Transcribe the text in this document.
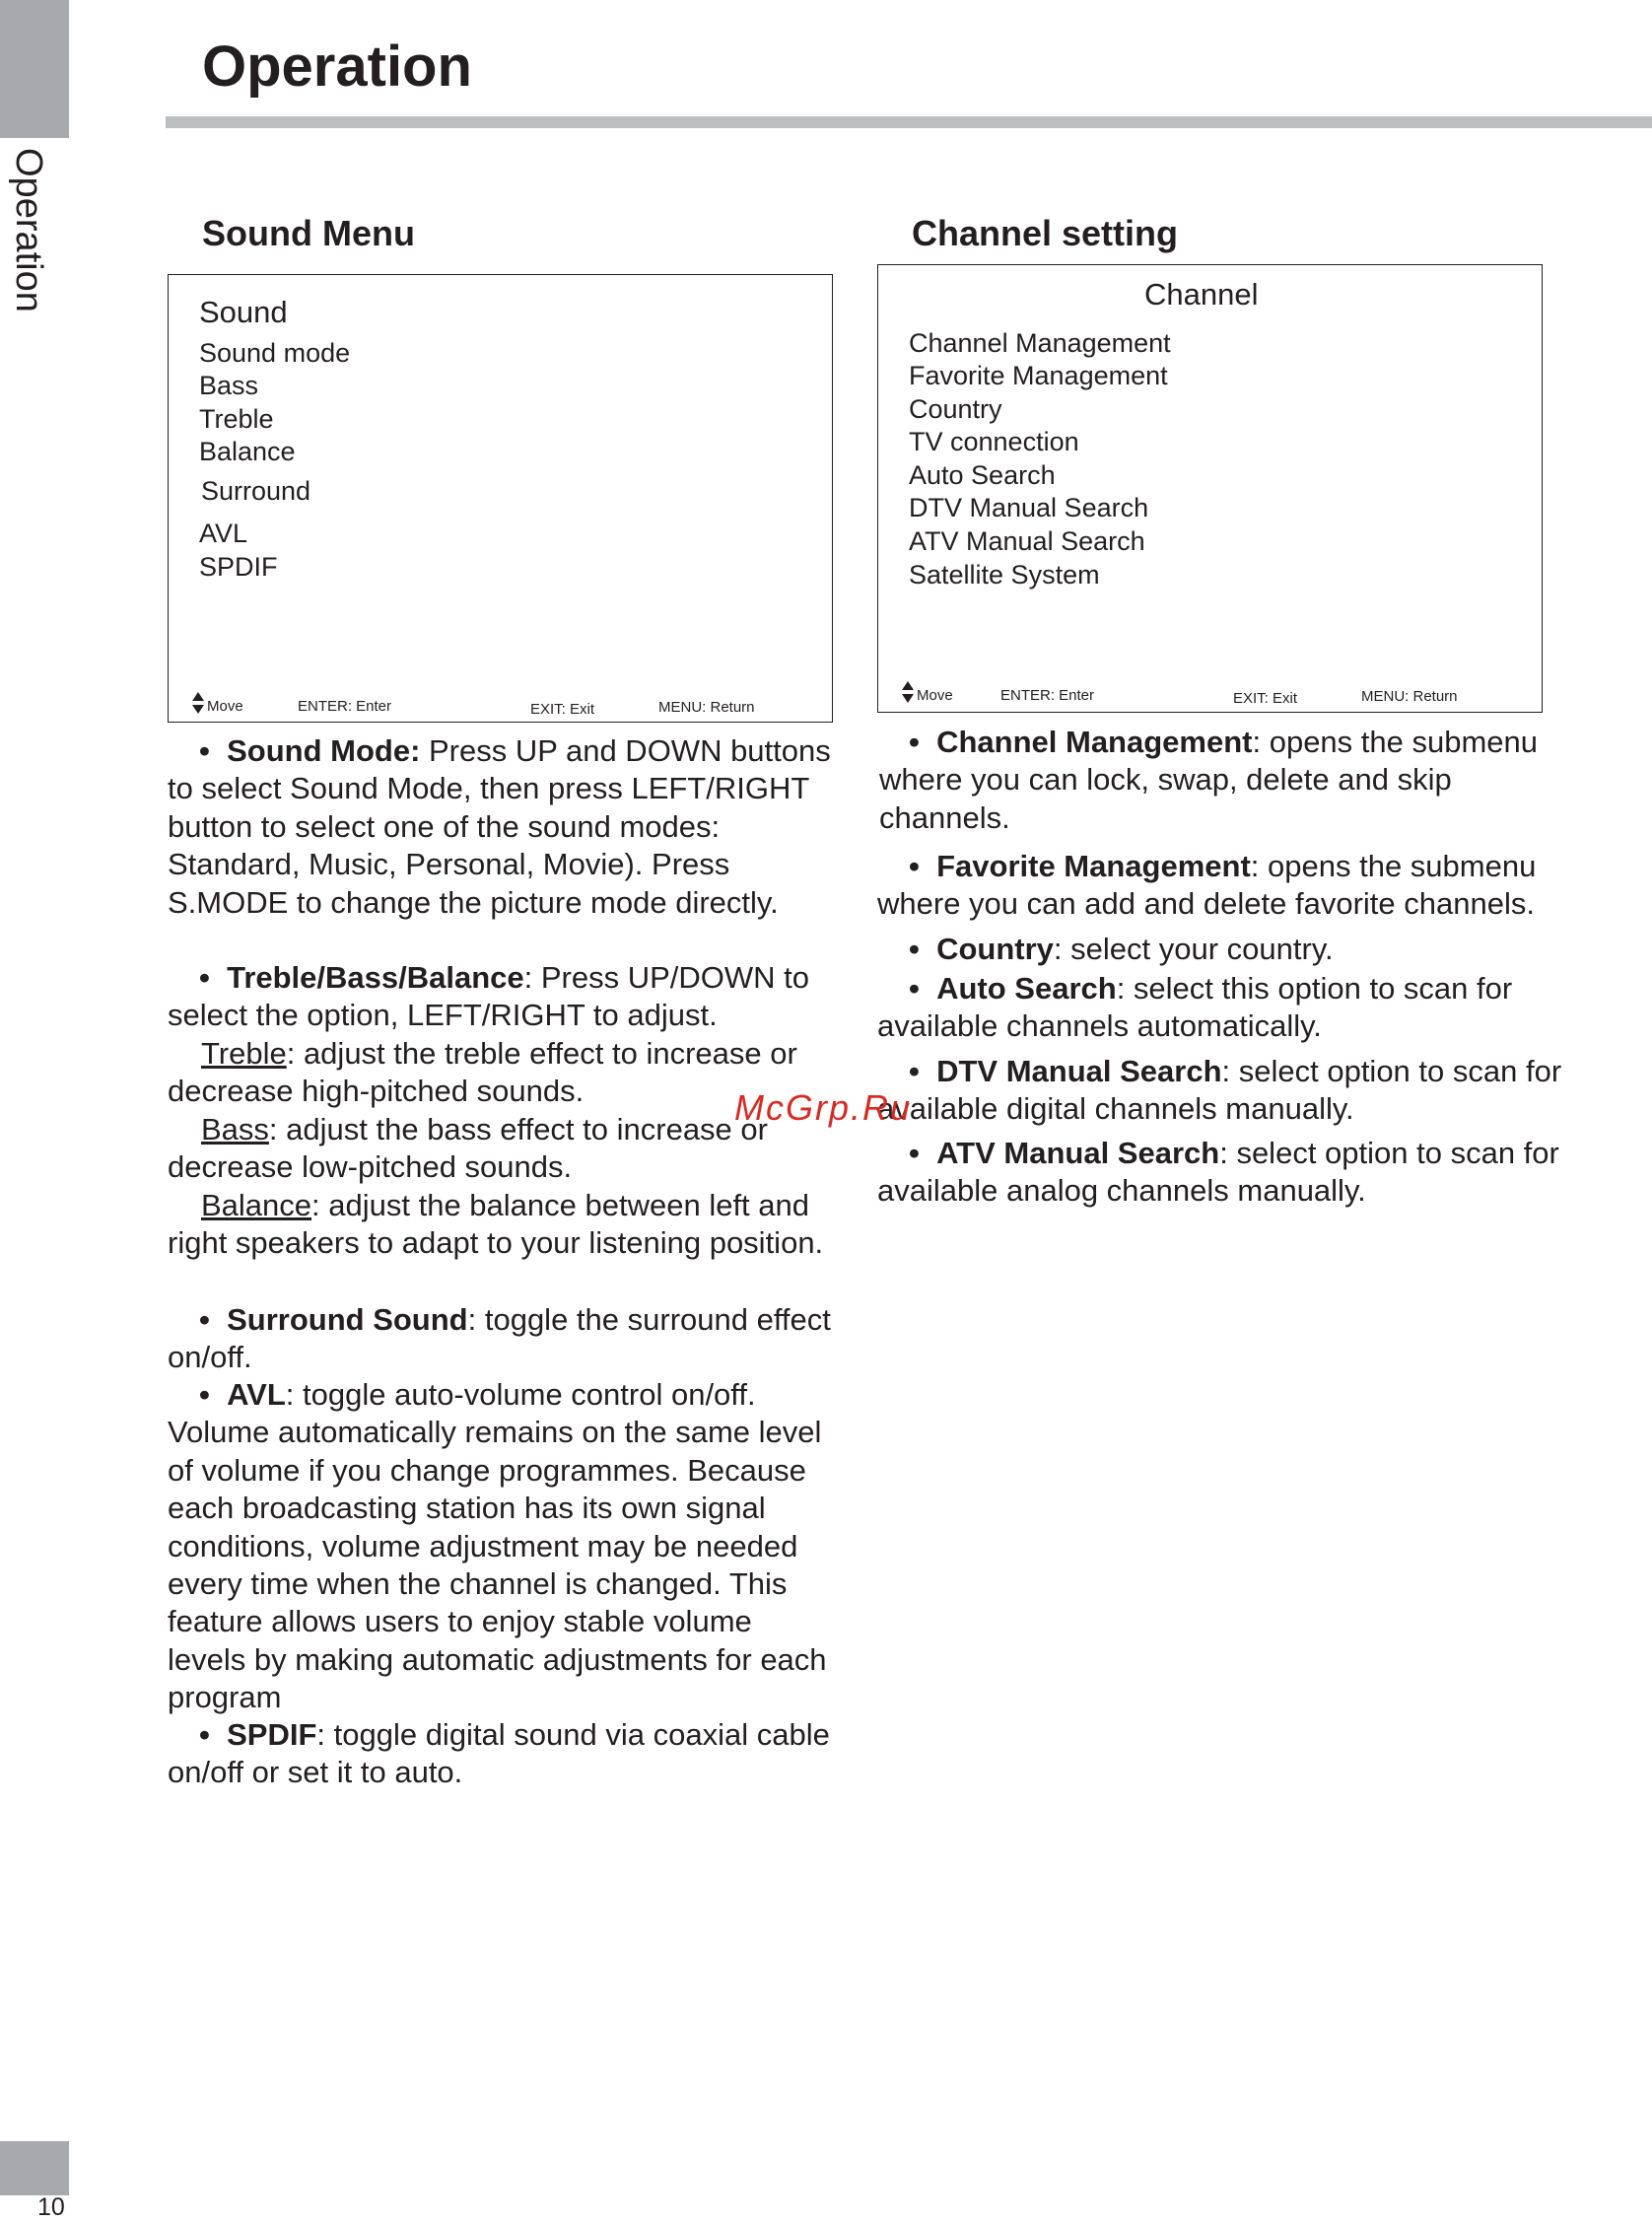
Operation
Operation
Sound Menu
Sound
Sound mode
Bass
Treble
Balance
Surround
AVL
SPDIF
Move	ENTER: Enter	EXIT: Exit	MENU: Return
• Sound Mode: Press UP and DOWN buttons to select Sound Mode, then press LEFT/RIGHT button to select one of the sound modes: Standard, Music, Personal, Movie). Press S.MODE to change the picture mode directly.
• Treble/Bass/Balance: Press UP/DOWN to select the option, LEFT/RIGHT to adjust.
Treble: adjust the treble effect to increase or decrease high-pitched sounds.
Bass: adjust the bass effect to increase or decrease low-pitched sounds.
Balance: adjust the balance between left and right speakers to adapt to your listening position.
• Surround Sound: toggle the surround effect on/off.
• AVL: toggle auto-volume control on/off. Volume automatically remains on the same level of volume if you change programmes. Because each broadcasting station has its own signal conditions, volume adjustment may be needed every time when the channel is changed. This feature allows users to enjoy stable volume levels by making automatic adjustments for each program
• SPDIF: toggle digital sound via coaxial cable on/off or set it to auto.
Channel setting
Channel
Channel Management
Favorite Management
Country
TV connection
Auto Search
DTV Manual Search
ATV Manual Search
Satellite System
Move	ENTER: Enter	EXIT: Exit	MENU: Return
• Channel Management: opens the submenu where you can lock, swap, delete and skip channels.
• Favorite Management: opens the submenu where you can add and delete favorite channels.
• Country: select your country.
• Auto Search: select this option to scan for available channels automatically.
• DTV Manual Search: select option to scan for available digital channels manually.
• ATV Manual Search: select option to scan for available analog channels manually.
McGrp.Ru
10
